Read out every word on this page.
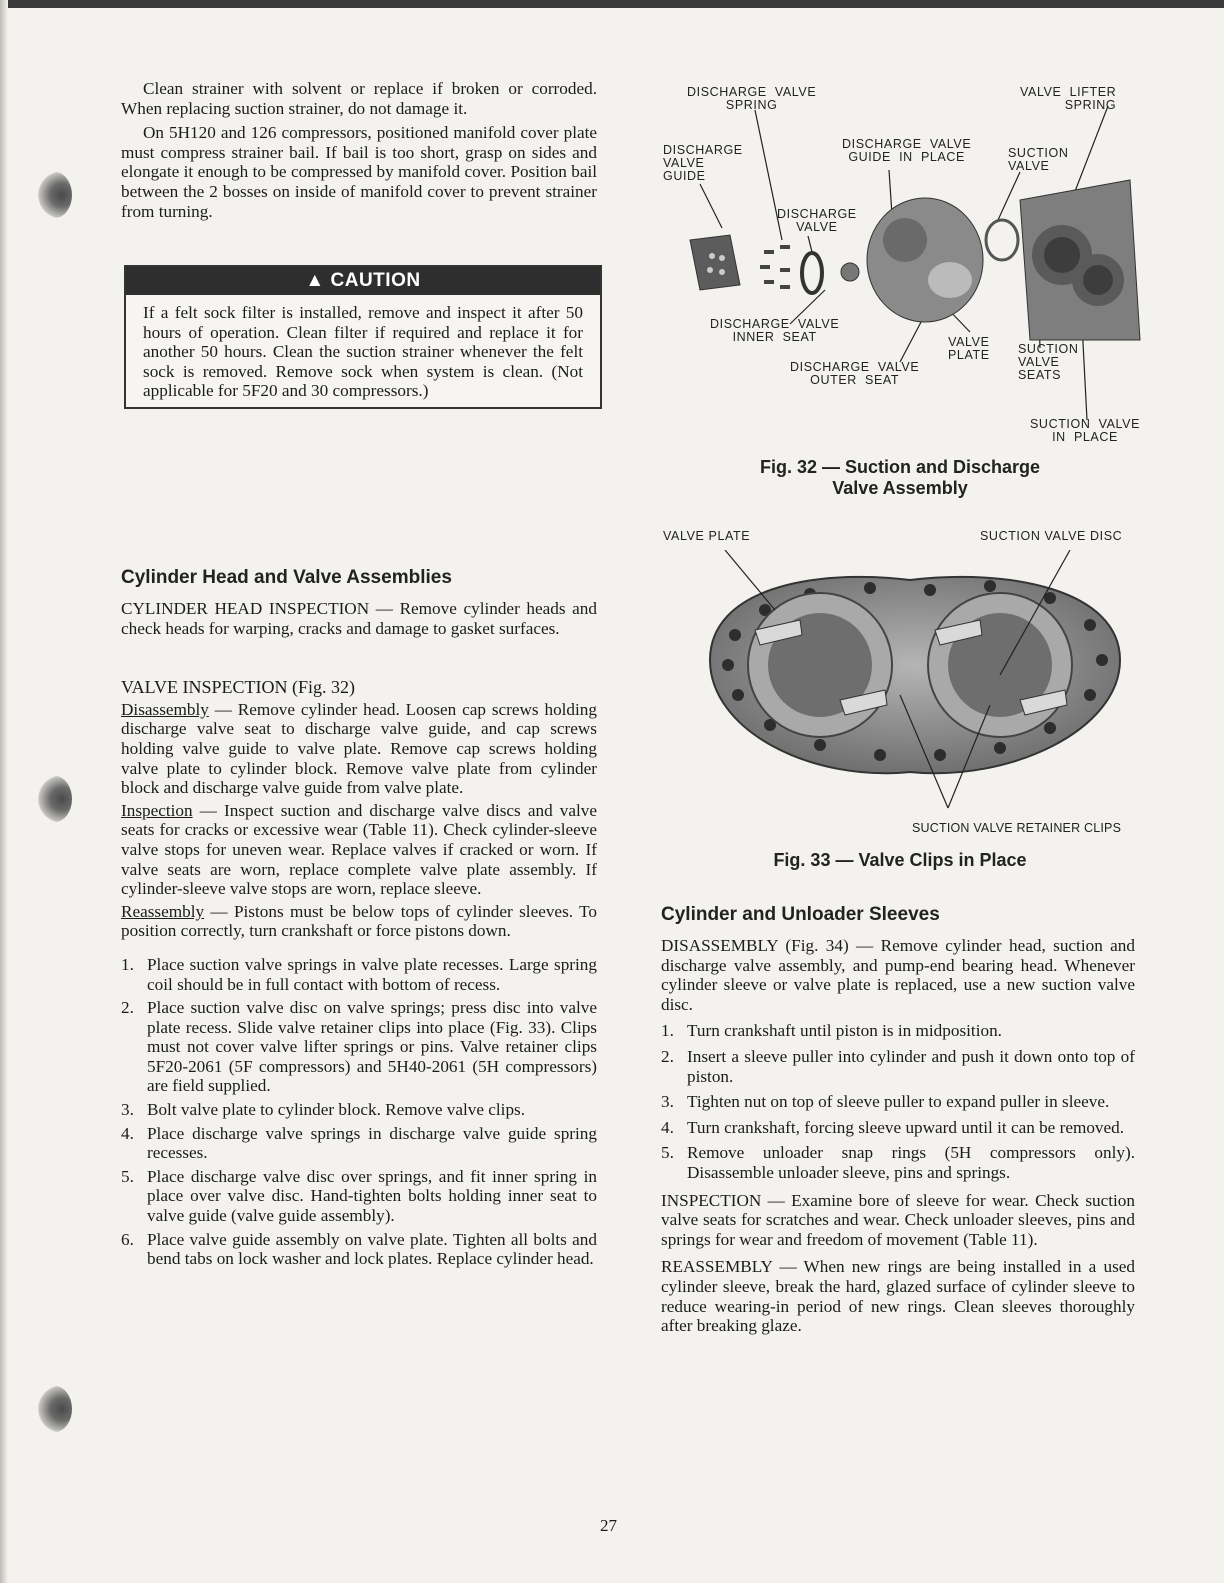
Clean strainer with solvent or replace if broken or corroded. When replacing suction strainer, do not damage it.

On 5H120 and 126 compressors, positioned manifold cover plate must compress strainer bail. If bail is too short, grasp on sides and elongate it enough to be compressed by manifold cover. Position bail between the 2 bosses on inside of manifold cover to prevent strainer from turning.

▲ CAUTION
If a felt sock filter is installed, remove and inspect it after 50 hours of operation. Clean filter if required and replace it for another 50 hours. Clean the suction strainer whenever the felt sock is removed. Remove sock when system is clean. (Not applicable for 5F20 and 30 compressors.)
Cylinder Head and Valve Assemblies

CYLINDER HEAD INSPECTION — Remove cylinder heads and check heads for warping, cracks and damage to gasket surfaces.

VALVE INSPECTION (Fig. 32)

Disassembly — Remove cylinder head. Loosen cap screws holding discharge valve seat to discharge valve guide, and cap screws holding valve guide to valve plate. Remove cap screws holding valve plate to cylinder block. Remove valve plate from cylinder block and discharge valve guide from valve plate.

Inspection — Inspect suction and discharge valve discs and valve seats for cracks or excessive wear (Table 11). Check cylinder-sleeve valve stops for uneven wear. Replace valves if cracked or worn. If valve seats are worn, replace complete valve plate assembly. If cylinder-sleeve valve stops are worn, replace sleeve.

Reassembly — Pistons must be below tops of cylinder sleeves. To position correctly, turn crankshaft or force pistons down.

1. Place suction valve springs in valve plate recesses. Large spring coil should be in full contact with bottom of recess.
2. Place suction valve disc on valve springs; press disc into valve plate recess. Slide valve retainer clips into place (Fig. 33). Clips must not cover valve lifter springs or pins. Valve retainer clips 5F20-2061 (5F compressors) and 5H40-2061 (5H compressors) are field supplied.
3. Bolt valve plate to cylinder block. Remove valve clips.
4. Place discharge valve springs in discharge valve guide spring recesses.
5. Place discharge valve disc over springs, and fit inner spring in place over valve disc. Hand-tighten bolts holding inner seat to valve guide (valve guide assembly).
6. Place valve guide assembly on valve plate. Tighten all bolts and bend tabs on lock washer and lock plates. Replace cylinder head.
DISCHARGE  VALVE
SPRING
VALVE  LIFTER
SPRING
DISCHARGE
VALVE
GUIDE
DISCHARGE  VALVE
GUIDE  IN  PLACE	SUCTION
VALVE
DISCHARGE
VALVE
DISCHARGE  VALVE
INNER  SEAT	VALVE
PLATE SUCTION
VALVE
SEATS
DISCHARGE  VALVE
OUTER  SEAT
SUCTION  VALVE
IN  PLACE
Fig. 32 — Suction and Discharge
Valve Assembly
VALVE PLATE	SUCTION VALVE DISC
SUCTION VALVE RETAINER CLIPS
Fig. 33 — Valve Clips in Place
Cylinder and Unloader Sleeves

DISASSEMBLY (Fig. 34) — Remove cylinder head, suction and discharge valve assembly, and pump-end bearing head. Whenever cylinder sleeve or valve plate is replaced, use a new suction valve disc.

1. Turn crankshaft until piston is in midposition.
2. Insert a sleeve puller into cylinder and push it down onto top of piston.
3. Tighten nut on top of sleeve puller to expand puller in sleeve.
4. Turn crankshaft, forcing sleeve upward until it can be removed.
5. Remove unloader snap rings (5H compressors only). Disassemble unloader sleeve, pins and springs.

INSPECTION — Examine bore of sleeve for wear. Check suction valve seats for scratches and wear. Check unloader sleeves, pins and springs for wear and freedom of movement (Table 11).

REASSEMBLY — When new rings are being installed in a used cylinder sleeve, break the hard, glazed surface of cylinder sleeve to reduce wearing-in period of new rings. Clean sleeves thoroughly after breaking glaze.

27
